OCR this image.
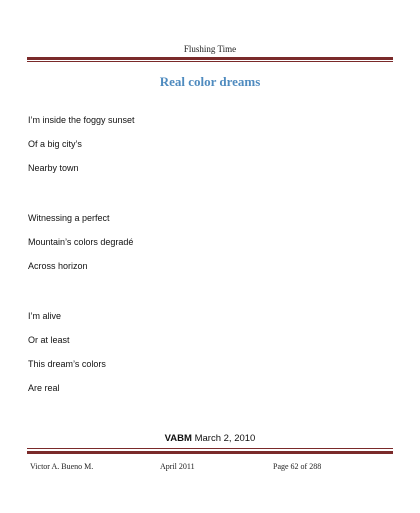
Flushing Time
Real color dreams
I’m inside the foggy sunset
Of a big city’s
Nearby town
Witnessing a perfect
Mountain’s colors degradé
Across horizon
I’m alive
Or at least
This dream’s colors
Are real
VABM March 2, 2010
Victor A. Bueno M.	April 2011	Page 62 of 288
